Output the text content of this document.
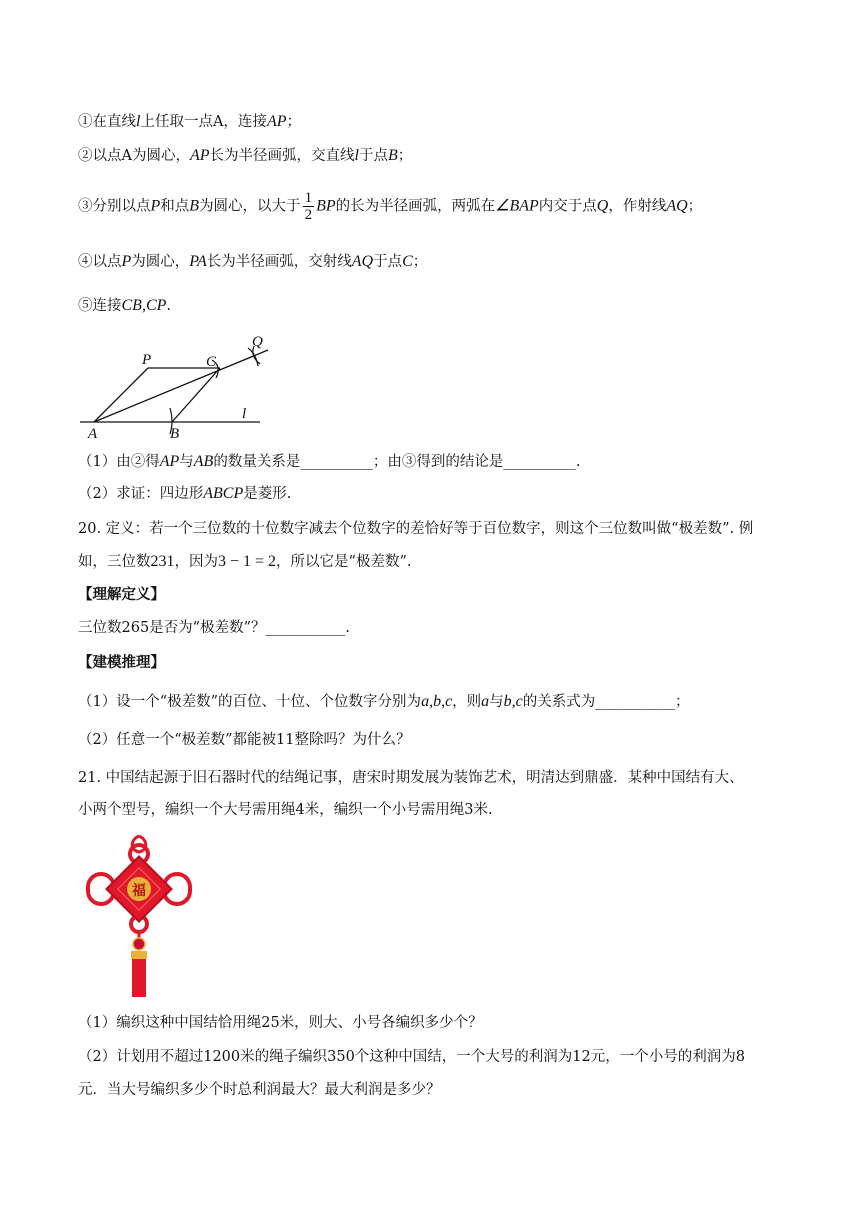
①在直线l上任取一点A，连接AP；
②以点A为圆心，AP长为半径画弧，交直线l于点B；
③分别以点P和点B为圆心，以大于 $\frac{1}{2}$ BP的长为半径画弧，两弧在∠BAP内交于点Q，作射线AQ；
④以点P为圆心，PA长为半径画弧，交射线AQ于点C；
⑤连接CB,CP.
P	C
Q
l
A	B
（1）由②得AP与AB的数量关系是__________；由③得到的结论是__________.
（2）求证：四边形ABCP是菱形.
20. 定义：若一个三位数的十位数字减去个位数字的差恰好等于百位数字，则这个三位数叫做“极差数”. 例
如，三位数231，因为3 − 1 = 2，所以它是“极差数”.
【理解定义】
三位数265是否为“极差数”？___________.
【建模推理】
（1）设一个“极差数”的百位、十位、个位数字分别为a,b,c，则a与b,c的关系式为___________；
（2）任意一个“极差数”都能被11整除吗？为什么？
21. 中国结起源于旧石器时代的结绳记事，唐宋时期发展为装饰艺术，明清达到鼎盛．某种中国结有大、
小两个型号，编织一个大号需用绳4米，编织一个小号需用绳3米.
福
（1）编织这种中国结恰用绳25米，则大、小号各编织多少个？
（2）计划用不超过1200米的绳子编织350个这种中国结，一个大号的利润为12元，一个小号的利润为8
元．当大号编织多少个时总利润最大？最大利润是多少？
